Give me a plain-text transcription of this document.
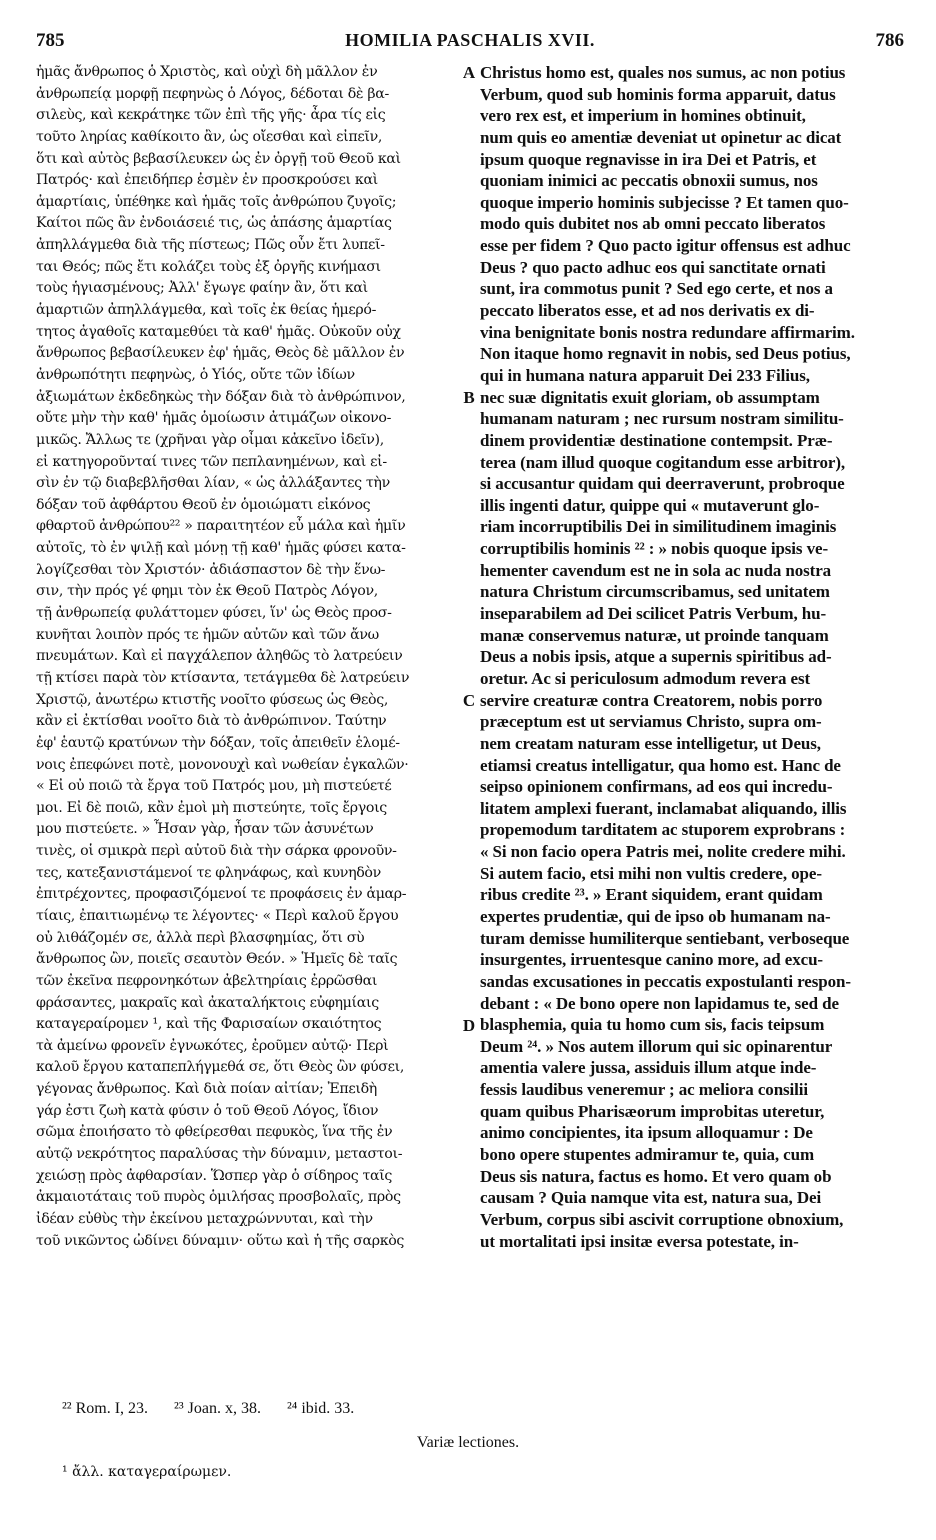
785	HOMILIA PASCHALIS XVII.	786
ἡμᾶς ἄνθρωπος ὁ Χριστὸς, καὶ οὐχὶ δὴ μᾶλλον ἐν
ἀνθρωπείᾳ μορφῇ πεφηνὼς ὁ Λόγος, δέδοται δὲ βα-
σιλεὺς, καὶ κεκράτηκε τῶν ἐπὶ τῆς γῆς· ἆρα τίς εἰς
τοῦτο ληρίας καθίκοιτο ἂν, ὡς οἴεσθαι καὶ εἰπεῖν,
ὅτι καὶ αὐτὸς βεβασίλευκεν ὡς ἐν ὀργῇ τοῦ Θεοῦ καὶ
Πατρός· καὶ ἐπειδήπερ ἐσμὲν ἐν προσκρούσει καὶ
ἁμαρτίαις, ὑπέθηκε καὶ ἡμᾶς τοῖς ἀνθρώπου ζυγοῖς;
Καίτοι πῶς ἂν ἐνδοιάσειέ τις, ὡς ἁπάσης ἁμαρτίας
ἀπηλλάγμεθα διὰ τῆς πίστεως; Πῶς οὖν ἔτι λυπεῖ-
ται Θεός; πῶς ἔτι κολάζει τοὺς ἐξ ὀργῆς κινήμασι
τοὺς ἡγιασμένους; Ἀλλ' ἔγωγε φαίην ἂν, ὅτι καὶ
ἁμαρτιῶν ἀπηλλάγμεθα, καὶ τοῖς ἐκ θείας ἡμερό-
τητος ἀγαθοῖς καταμεθύει τὰ καθ' ἡμᾶς. Οὐκοῦν οὐχ
ἄνθρωπος βεβασίλευκεν ἐφ' ἡμᾶς, Θεὸς δὲ μᾶλλον ἐν
ἀνθρωπότητι πεφηνὼς, ὁ Υἱός, οὔτε τῶν ἰδίων
ἀξιωμάτων ἐκδεδηκὼς τὴν δόξαν διὰ τὸ ἀνθρώπινον,
οὔτε μὴν τὴν καθ' ἡμᾶς ὁμοίωσιν ἀτιμάζων οἰκονο-
μικῶς. Ἄλλως τε (χρῆναι γὰρ οἶμαι κἀκεῖνο ἰδεῖν),
εἰ κατηγοροῦνταί τινες τῶν πεπλανημένων, καὶ εἰ-
σὶν ἐν τῷ διαβεβλῆσθαι λίαν, « ὡς ἀλλάξαντες τὴν
δόξαν τοῦ ἀφθάρτου Θεοῦ ἐν ὁμοιώματι εἰκόνος
φθαρτοῦ ἀνθρώπου²² » παραιτητέον εὖ μάλα καὶ ἡμῖν
αὐτοῖς, τὸ ἐν ψιλῇ καὶ μόνῃ τῇ καθ' ἡμᾶς φύσει κατα-
λογίζεσθαι τὸν Χριστόν· ἀδιάσπαστον δὲ τὴν ἕνω-
σιν, τὴν πρός γέ φημι τὸν ἐκ Θεοῦ Πατρὸς Λόγον,
τῇ ἀνθρωπείᾳ φυλάττομεν φύσει, ἵν' ὡς Θεὸς προσ-
κυνῆται λοιπὸν πρός τε ἡμῶν αὐτῶν καὶ τῶν ἄνω
πνευμάτων. Καὶ εἰ παγχάλεπον ἀληθῶς τὸ λατρεύειν
τῇ κτίσει παρὰ τὸν κτίσαντα, τετάγμεθα δὲ λατρεύειν
Χριστῷ, ἀνωτέρω κτιστῆς νοοῖτο φύσεως ὡς Θεὸς,
κἂν εἰ ἐκτίσθαι νοοῖτο διὰ τὸ ἀνθρώπινον. Ταύτην
ἐφ' ἑαυτῷ κρατύνων τὴν δόξαν, τοῖς ἀπειθεῖν ἑλομέ-
νοις ἐπεφώνει ποτὲ, μονονουχὶ καὶ νωθείαν ἐγκαλῶν·
« Εἰ οὐ ποιῶ τὰ ἔργα τοῦ Πατρός μου, μὴ πιστεύετέ
μοι. Εἰ δὲ ποιῶ, κἂν ἐμοὶ μὴ πιστεύητε, τοῖς ἔργοις
μου πιστεύετε. » Ἦσαν γὰρ, ἦσαν τῶν ἀσυνέτων
τινὲς, οἱ σμικρὰ περὶ αὐτοῦ διὰ τὴν σάρκα φρονοῦν-
τες, κατεξανιστάμενοί τε φληνάφως, καὶ κυνηδὸν
ἐπιτρέχοντες, προφασιζόμενοί τε προφάσεις ἐν ἁμαρ-
τίαις, ἐπαιτιωμένῳ τε λέγοντες· « Περὶ καλοῦ ἔργου
οὐ λιθάζομέν σε, ἀλλὰ περὶ βλασφημίας, ὅτι σὺ
ἄνθρωπος ὢν, ποιεῖς σεαυτὸν Θεόν. » Ἡμεῖς δὲ ταῖς
τῶν ἐκεῖνα πεφρονηκότων ἀβελτηρίαις ἐρρῶσθαι
φράσαντες, μακραῖς καὶ ἀκαταλήκτοις εὐφημίαις
καταγεραίρομεν ¹, καὶ τῆς Φαρισαίων σκαιότητος
τὰ ἀμείνω φρονεῖν ἐγνωκότες, ἐροῦμεν αὐτῷ· Περὶ
καλοῦ ἔργου καταπεπλήγμεθά σε, ὅτι Θεὸς ὢν φύσει,
γέγονας ἄνθρωπος. Καὶ διὰ ποίαν αἰτίαν; Ἐπειδὴ
γάρ ἐστι ζωὴ κατὰ φύσιν ὁ τοῦ Θεοῦ Λόγος, ἴδιον
σῶμα ἐποιήσατο τὸ φθείρεσθαι πεφυκὸς, ἵνα τῆς ἐν
αὐτῷ νεκρότητος παραλύσας τὴν δύναμιν, μεταστοι-
χειώσῃ πρὸς ἀφθαρσίαν. Ὥσπερ γὰρ ὁ σίδηρος ταῖς
ἀκμαιοτάταις τοῦ πυρὸς ὁμιλήσας προσβολαῖς, πρὸς
ἰδέαν εὐθὺς τὴν ἐκείνου μεταχρώννυται, καὶ τὴν
τοῦ νικῶντος ὠδίνει δύναμιν· οὕτω καὶ ἡ τῆς σαρκὸς
A
B
C
D
Christus homo est, quales nos sumus, ac non potius
Verbum, quod sub hominis forma apparuit, datus
vero rex est, et imperium in homines obtinuit,
num quis eo amentiæ deveniat ut opinetur ac dicat
ipsum quoque regnavisse in ira Dei et Patris, et
quoniam inimici ac peccatis obnoxii sumus, nos
quoque imperio hominis subjecisse ? Et tamen quo-
modo quis dubitet nos ab omni peccato liberatos
esse per fidem ? Quo pacto igitur offensus est adhuc
Deus ? quo pacto adhuc eos qui sanctitate ornati
sunt, ira commotus punit ? Sed ego certe, et nos a
peccato liberatos esse, et ad nos derivatis ex di-
vina benignitate bonis nostra redundare affirmarim.
Non itaque homo regnavit in nobis, sed Deus potius,
qui in humana natura apparuit Dei 233 Filius,
nec suæ dignitatis exuit gloriam, ob assumptam
humanam naturam ; nec rursum nostram similitu-
dinem providentiæ destinatione contempsit. Præ-
terea (nam illud quoque cogitandum esse arbitror),
si accusantur quidam qui deerraverunt, probroque
illis ingenti datur, quippe qui « mutaverunt glo-
riam incorruptibilis Dei in similitudinem imaginis
corruptibilis hominis ²² : » nobis quoque ipsis ve-
hementer cavendum est ne in sola ac nuda nostra
natura Christum circumscribamus, sed unitatem
inseparabilem ad Dei scilicet Patris Verbum, hu-
manæ conservemus naturæ, ut proinde tanquam
Deus a nobis ipsis, atque a supernis spiritibus ad-
oretur. Ac si periculosum admodum revera est
servire creaturæ contra Creatorem, nobis porro
præceptum est ut serviamus Christo, supra om-
nem creatam naturam esse intelligetur, ut Deus,
etiamsi creatus intelligatur, qua homo est. Hanc de
seipso opinionem confirmans, ad eos qui incredu-
litatem amplexi fuerant, inclamabat aliquando, illis
propemodum tarditatem ac stuporem exprobrans :
« Si non facio opera Patris mei, nolite credere mihi.
Si autem facio, etsi mihi non vultis credere, ope-
ribus credite ²³. » Erant siquidem, erant quidam
expertes prudentiæ, qui de ipso ob humanam na-
turam demisse humiliterque sentiebant, verboseque
insurgentes, irruentesque canino more, ad excu-
sandas excusationes in peccatis expostulanti respon-
debant : « De bono opere non lapidamus te, sed de
blasphemia, quia tu homo cum sis, facis teipsum
Deum ²⁴. » Nos autem illorum qui sic opinarentur
amentia valere jussa, assiduis illum atque inde-
fessis laudibus veneremur ; ac meliora consilii
quam quibus Pharisæorum improbitas uteretur,
animo concipientes, ita ipsum alloquamur : De
bono opere stupentes admiramur te, quia, cum
Deus sis natura, factus es homo. Et vero quam ob
causam ? Quia namque vita est, natura sua, Dei
Verbum, corpus sibi ascivit corruptione obnoxium,
ut mortalitati ipsi insitæ eversa potestate, in-
²² Rom. I, 23. ²³ Joan. x, 38. ²⁴ ibid. 33.
Variæ lectiones.
¹ ἄλλ. καταγεραίρωμεν.
